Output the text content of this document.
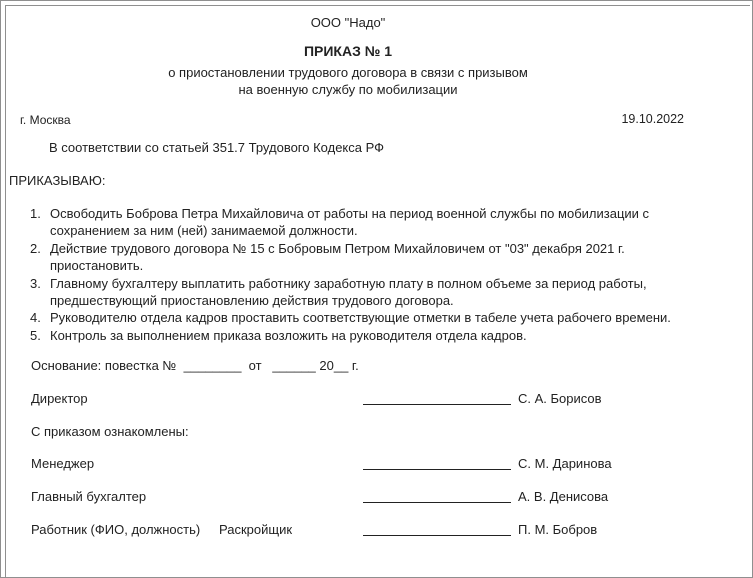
ООО "Надо"
ПРИКАЗ № 1
о приостановлении трудового договора в связи с призывом
на военную службу по мобилизации
г. Москва	19.10.2022
В соответствии со статьей 351.7 Трудового Кодекса РФ
ПРИКАЗЫВАЮ:
1. Освободить Боброва Петра Михайловича от работы на период военной службы по мобилизации с сохранением за ним (ней) занимаемой должности.
2. Действие трудового договора № 15 с Бобровым Петром Михайловичем от "03" декабря 2021 г. приостановить.
3. Главному бухгалтеру выплатить работнику заработную плату в полном объеме за период работы, предшествующий приостановлению действия трудового договора.
4. Руководителю отдела кадров проставить соответствующие отметки в табеле учета рабочего времени.
5. Контроль за выполнением приказа возложить на руководителя отдела кадров.
Основание: повестка №  ________  от   ______ 20__ г.
Директор	С. А. Борисов
С приказом ознакомлены:
Менеджер	С. М. Даринова
Главный бухгалтер	А. В. Денисова
Работник (ФИО, должность) Раскройщик	П. М. Бобров
